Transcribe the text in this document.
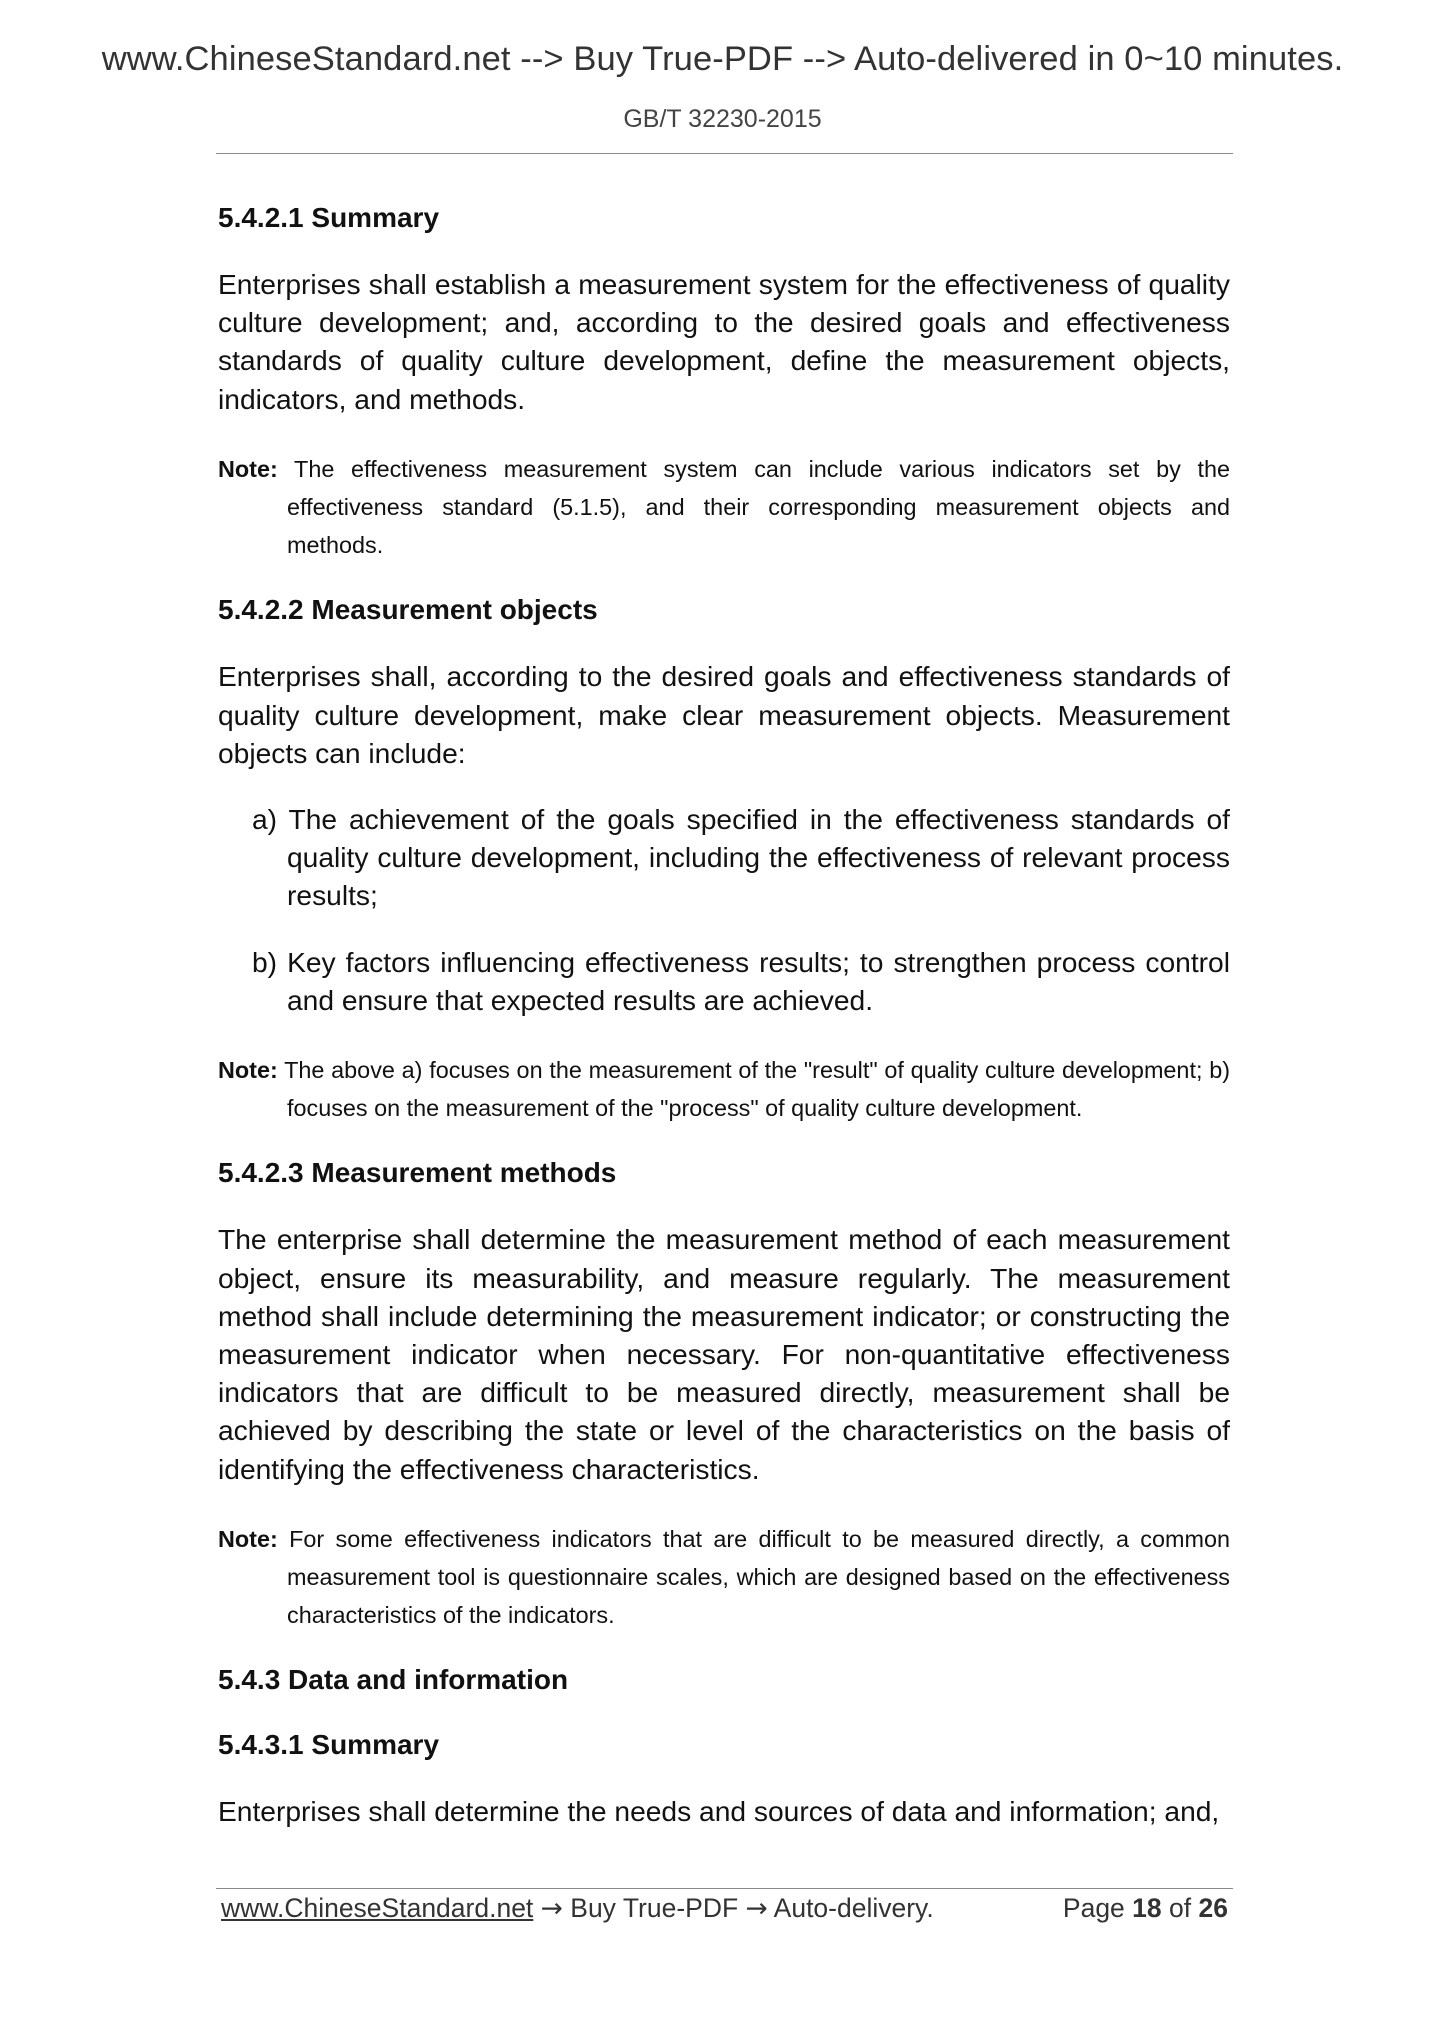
www.ChineseStandard.net --> Buy True-PDF --> Auto-delivered in 0~10 minutes.
GB/T 32230-2015
5.4.2.1 Summary

Enterprises shall establish a measurement system for the effectiveness of quality culture development; and, according to the desired goals and effectiveness standards of quality culture development, define the measurement objects, indicators, and methods.

Note: The effectiveness measurement system can include various indicators set by the effectiveness standard (5.1.5), and their corresponding measurement objects and methods.
5.4.2.2 Measurement objects

Enterprises shall, according to the desired goals and effectiveness standards of quality culture development, make clear measurement objects. Measurement objects can include:

a) The achievement of the goals specified in the effectiveness standards of quality culture development, including the effectiveness of relevant process results;
b) Key factors influencing effectiveness results; to strengthen process control and ensure that expected results are achieved.
Note: The above a) focuses on the measurement of the "result" of quality culture development; b) focuses on the measurement of the "process" of quality culture development.
5.4.2.3 Measurement methods

The enterprise shall determine the measurement method of each measurement object, ensure its measurability, and measure regularly. The measurement method shall include determining the measurement indicator; or constructing the measurement indicator when necessary. For non-quantitative effectiveness indicators that are difficult to be measured directly, measurement shall be achieved by describing the state or level of the characteristics on the basis of identifying the effectiveness characteristics.

Note: For some effectiveness indicators that are difficult to be measured directly, a common measurement tool is questionnaire scales, which are designed based on the effectiveness characteristics of the indicators.
5.4.3 Data and information
5.4.3.1 Summary

Enterprises shall determine the needs and sources of data and information; and,

www.ChineseStandard.net → Buy True-PDF → Auto-delivery.	Page 18 of 26
